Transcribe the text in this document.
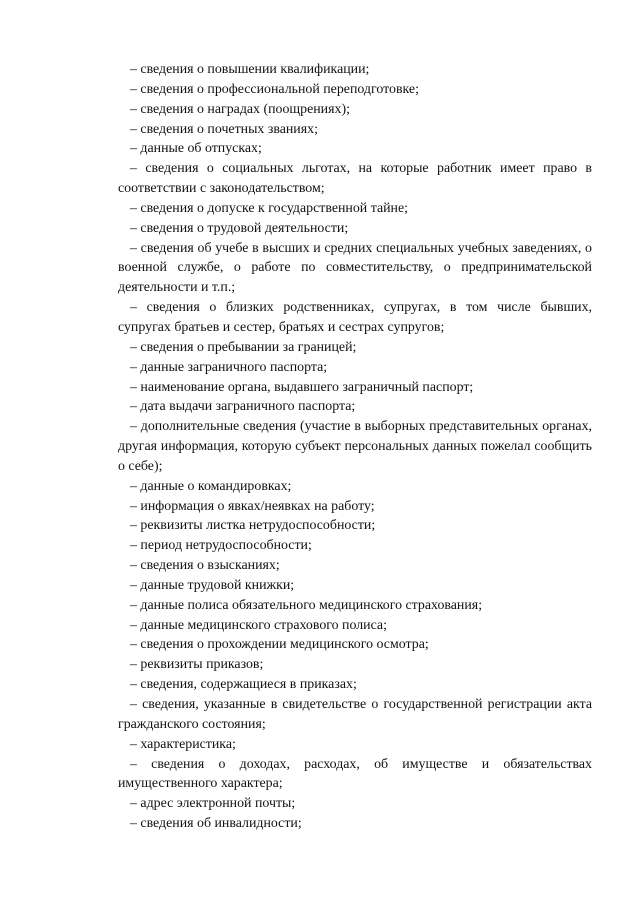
– сведения о повышении квалификации;

– сведения о профессиональной переподготовке;

– сведения о наградах (поощрениях);

– сведения о почетных званиях;

– данные об отпусках;

– сведения о социальных льготах, на которые работник имеет право в соответствии с законодательством;

– сведения о допуске к государственной тайне;

– сведения о трудовой деятельности;

– сведения об учебе в высших и средних специальных учебных заведениях, о военной службе, о работе по совместительству, о предпринимательской деятельности и т.п.;

– сведения о близких родственниках, супругах, в том числе бывших, супругах братьев и сестер, братьях и сестрах супругов;

– сведения о пребывании за границей;

– данные заграничного паспорта;

– наименование органа, выдавшего заграничный паспорт;

– дата выдачи заграничного паспорта;

– дополнительные сведения (участие в выборных представительных органах, другая информация, которую субъект персональных данных пожелал сообщить о себе);

– данные о командировках;

– информация о явках/неявках на работу;

– реквизиты листка нетрудоспособности;

– период нетрудоспособности;

– сведения о взысканиях;

– данные трудовой книжки;

– данные полиса обязательного медицинского страхования;

– данные медицинского страхового полиса;

– сведения о прохождении медицинского осмотра;

– реквизиты приказов;

– сведения, содержащиеся в приказах;

– сведения, указанные в свидетельстве о государственной регистрации акта гражданского состояния;

– характеристика;

– сведения о доходах, расходах, об имуществе и обязательствах имущественного характера;

– адрес электронной почты;

– сведения об инвалидности;
